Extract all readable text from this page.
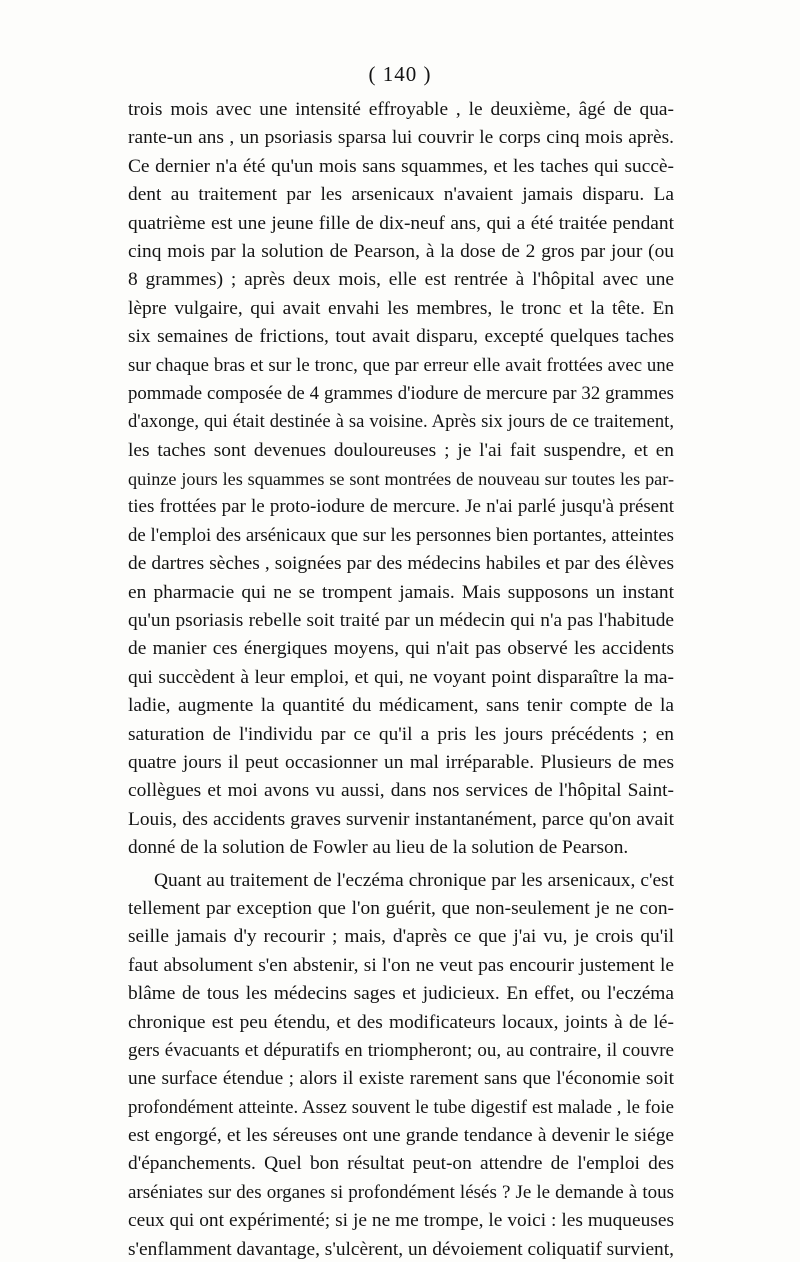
( 140 )
trois mois avec une intensité effroyable , le deuxième, âgé de qua-
rante-un ans , un psoriasis sparsa lui couvrir le corps cinq mois après.
Ce dernier n'a été qu'un mois sans squammes, et les taches qui succè-
dent au traitement par les arsenicaux n'avaient jamais disparu. La
quatrième est une jeune fille de dix-neuf ans, qui a été traitée pendant
cinq mois par la solution de Pearson, à la dose de 2 gros par jour (ou
8 grammes) ; après deux mois, elle est rentrée à l'hôpital avec une
lèpre vulgaire, qui avait envahi les membres, le tronc et la tête. En
six semaines de frictions, tout avait disparu, excepté quelques taches
sur chaque bras et sur le tronc, que par erreur elle avait frottées avec une
pommade composée de 4 grammes d'iodure de mercure par 32 grammes
d'axonge, qui était destinée à sa voisine. Après six jours de ce traitement,
les taches sont devenues douloureuses ; je l'ai fait suspendre, et en
quinze jours les squammes se sont montrées de nouveau sur toutes les par-
ties frottées par le proto-iodure de mercure. Je n'ai parlé jusqu'à présent
de l'emploi des arsénicaux que sur les personnes bien portantes, atteintes
de dartres sèches , soignées par des médecins habiles et par des élèves
en pharmacie qui ne se trompent jamais. Mais supposons un instant
qu'un psoriasis rebelle soit traité par un médecin qui n'a pas l'habitude
de manier ces énergiques moyens, qui n'ait pas observé les accidents
qui succèdent à leur emploi, et qui, ne voyant point disparaître la ma-
ladie, augmente la quantité du médicament, sans tenir compte de la
saturation de l'individu par ce qu'il a pris les jours précédents ; en
quatre jours il peut occasionner un mal irréparable. Plusieurs de mes
collègues et moi avons vu aussi, dans nos services de l'hôpital Saint-
Louis, des accidents graves survenir instantanément, parce qu'on avait
donné de la solution de Fowler au lieu de la solution de Pearson.
Quant au traitement de l'eczéma chronique par les arsenicaux, c'est
tellement par exception que l'on guérit, que non-seulement je ne con-
seille jamais d'y recourir ; mais, d'après ce que j'ai vu, je crois qu'il
faut absolument s'en abstenir, si l'on ne veut pas encourir justement le
blâme de tous les médecins sages et judicieux. En effet, ou l'eczéma
chronique est peu étendu, et des modificateurs locaux, joints à de lé-
gers évacuants et dépuratifs en triompheront; ou, au contraire, il couvre
une surface étendue ; alors il existe rarement sans que l'économie soit
profondément atteinte. Assez souvent le tube digestif est malade , le foie
est engorgé, et les séreuses ont une grande tendance à devenir le siége
d'épanchements. Quel bon résultat peut-on attendre de l'emploi des
arséniates sur des organes si profondément lésés ? Je le demande à tous
ceux qui ont expérimenté; si je ne me trompe, le voici : les muqueuses
s'enflamment davantage, s'ulcèrent, un dévoiement coliquatif survient,
